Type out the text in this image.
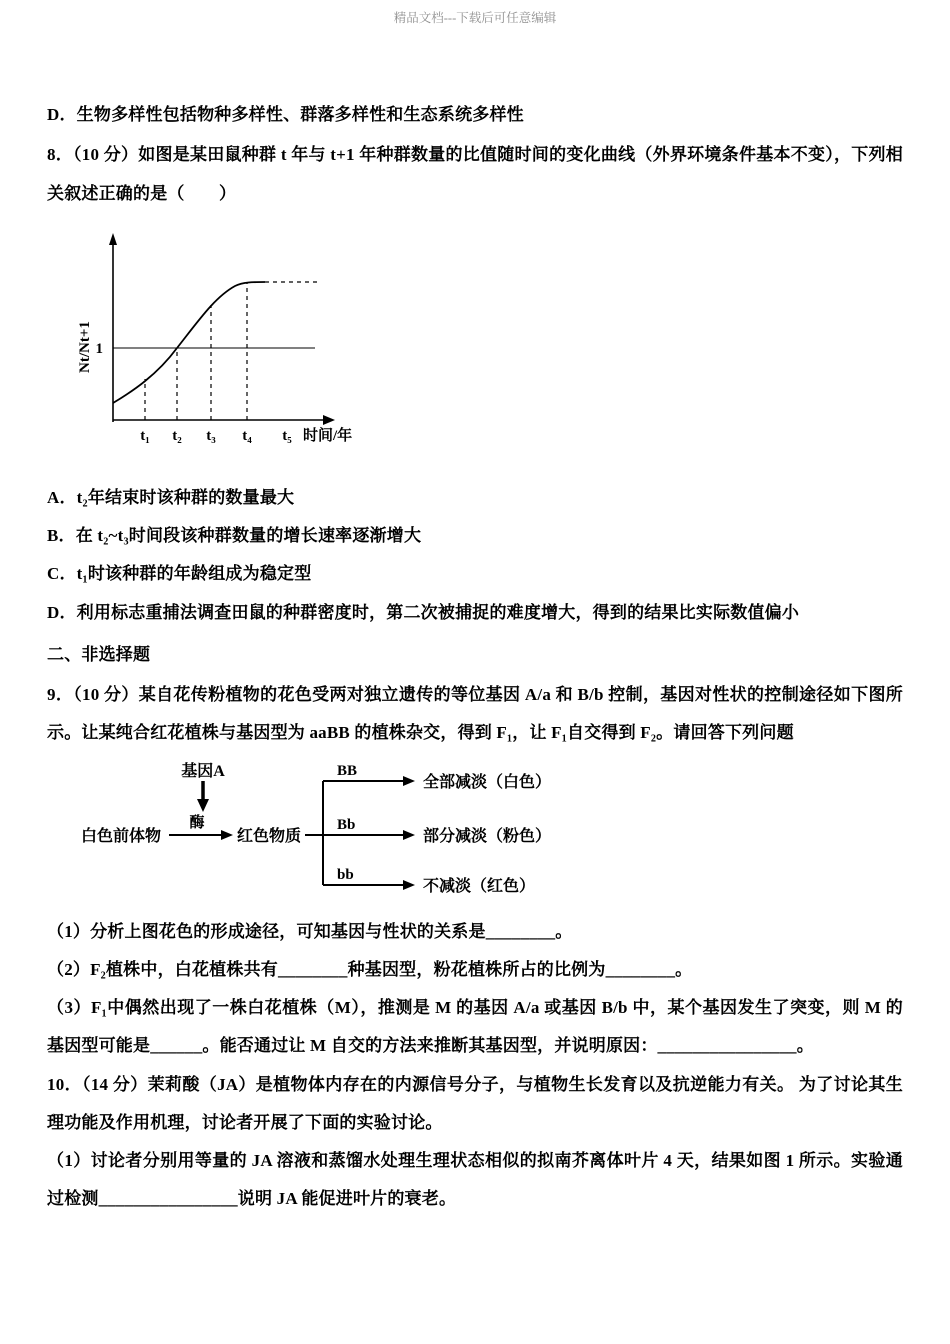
精品文档---下载后可任意编辑

D．生物多样性包括物种多样性、群落多样性和生态系统多样性

8．（10 分）如图是某田鼠种群 t 年与 t+1 年种群数量的比值随时间的变化曲线（外界环境条件基本不变），下列相关叙述正确的是（　　）

Nt/Nt+1 1
t₁ t₂ t₃ t₄ t₅ 时间/年

A．t₂年结束时该种群的数量最大

B．在 t₂~t₃时间段该种群数量的增长速率逐渐增大

C．t₁时该种群的年龄组成为稳定型

D．利用标志重捕法调查田鼠的种群密度时，第二次被捕捉的难度增大，得到的结果比实际数值偏小

二、非选择题

9．（10 分）某自花传粉植物的花色受两对独立遗传的等位基因 A/a 和 B/b 控制，基因对性状的控制途径如下图所示。让某纯合红花植株与基因型为 aaBB 的植株杂交，得到 F₁，让 F₁自交得到 F₂。请回答下列问题

基因A
酶
白色前体物	红色物质
BB
全部减淡（白色）
Bb
部分减淡（粉色）
bb
不减淡（红色）

（1）分析上图花色的形成途径，可知基因与性状的关系是________。

（2）F₂植株中，白花植株共有________种基因型，粉花植株所占的比例为________。

（3）F₁中偶然出现了一株白花植株（M），推测是 M 的基因 A/a 或基因 B/b 中，某个基因发生了突变，则 M 的基因型可能是______。能否通过让 M 自交的方法来推断其基因型，并说明原因：________________。

10．（14 分）茉莉酸（JA）是植物体内存在的内源信号分子，与植物生长发育以及抗逆能力有关。 为了讨论其生理功能及作用机理，讨论者开展了下面的实验讨论。

（1）讨论者分别用等量的 JA 溶液和蒸馏水处理生理状态相似的拟南芥离体叶片 4 天，结果如图 1 所示。实验通过检测________________说明 JA 能促进叶片的衰老。
